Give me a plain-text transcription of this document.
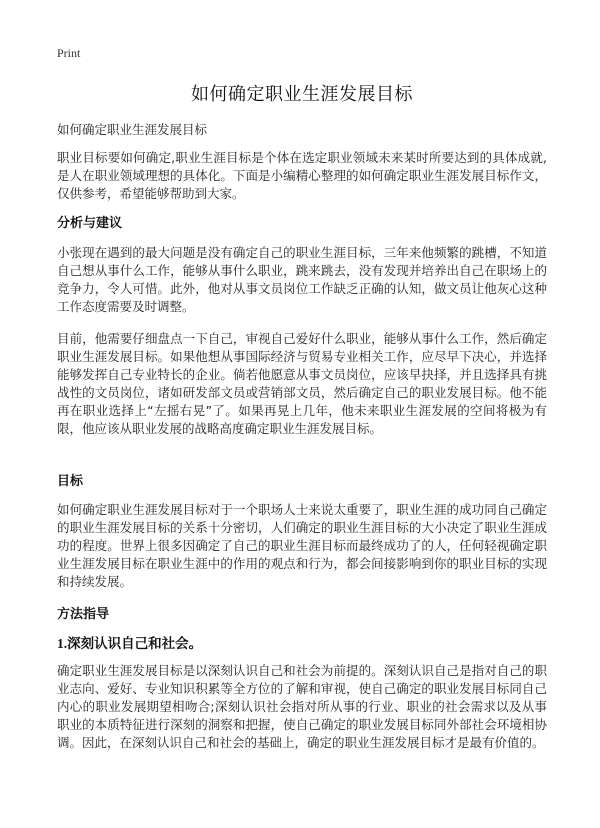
Print
如何确定职业生涯发展目标

如何确定职业生涯发展目标

职业目标要如何确定,职业生涯目标是个体在选定职业领域未来某时所要达到的具体成就,是人在职业领域理想的具体化。下面是小编精心整理的如何确定职业生涯发展目标作文，仅供参考，希望能够帮助到大家。

分析与建议

小张现在遇到的最大问题是没有确定自己的职业生涯目标，三年来他频繁的跳槽，不知道自己想从事什么工作，能够从事什么职业，跳来跳去，没有发现并培养出自己在职场上的竞争力，令人可惜。此外，他对从事文员岗位工作缺乏正确的认知，做文员让他灰心这种工作态度需要及时调整。

目前，他需要仔细盘点一下自己，审视自己爱好什么职业，能够从事什么工作，然后确定职业生涯发展目标。如果他想从事国际经济与贸易专业相关工作，应尽早下决心，并选择能够发挥自己专业特长的企业。倘若他愿意从事文员岗位，应该早抉择，并且选择具有挑战性的文员岗位，诸如研发部文员或营销部文员，然后确定自己的职业发展目标。他不能再在职业选择上“左摇右晃”了。如果再晃上几年，他未来职业生涯发展的空间将极为有限，他应该从职业发展的战略高度确定职业生涯发展目标。

目标

如何确定职业生涯发展目标对于一个职场人士来说太重要了，职业生涯的成功同自己确定的职业生涯发展目标的关系十分密切，人们确定的职业生涯目标的大小决定了职业生涯成功的程度。世界上很多因确定了自己的职业生涯目标而最终成功了的人，任何轻视确定职业生涯发展目标在职业生涯中的作用的观点和行为，都会间接影响到你的职业目标的实现和持续发展。

方法指导
1.深刻认识自己和社会。

确定职业生涯发展目标是以深刻认识自己和社会为前提的。深刻认识自己是指对自己的职业志向、爱好、专业知识积累等全方位的了解和审视，使自己确定的职业发展目标同自己内心的职业发展期望相吻合;深刻认识社会指对所从事的行业、职业的社会需求以及从事职业的本质特征进行深刻的洞察和把握，使自己确定的职业发展目标同外部社会环境相协调。因此，在深刻认识自己和社会的基础上，确定的职业生涯发展目标才是最有价值的。
